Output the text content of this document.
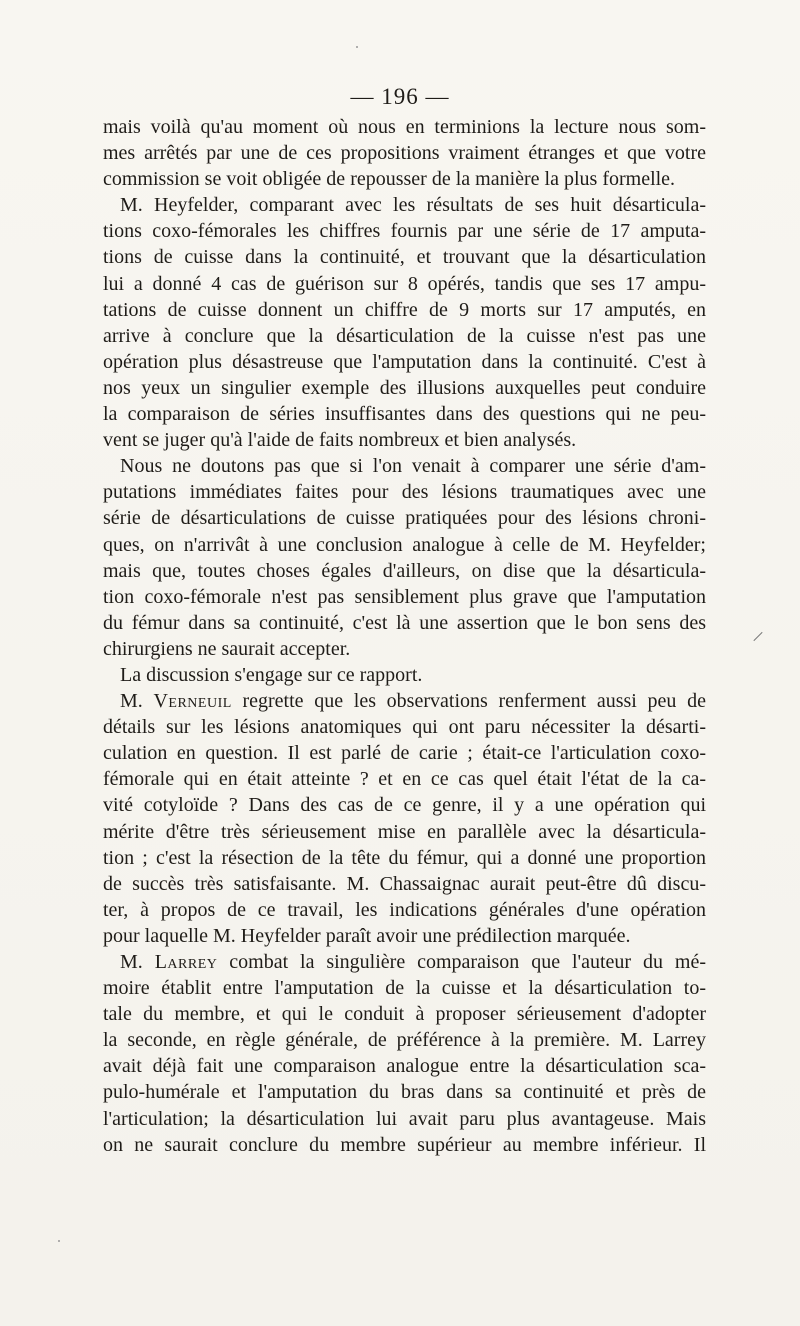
— 196 —
mais voilà qu'au moment où nous en terminions la lecture nous som-
mes arrêtés par une de ces propositions vraiment étranges et que votre
commission se voit obligée de repousser de la manière la plus formelle.
M. Heyfelder, comparant avec les résultats de ses huit désarticula-
tions coxo-fémorales les chiffres fournis par une série de 17 amputa-
tions de cuisse dans la continuité, et trouvant que la désarticulation
lui a donné 4 cas de guérison sur 8 opérés, tandis que ses 17 ampu-
tations de cuisse donnent un chiffre de 9 morts sur 17 amputés, en
arrive à conclure que la désarticulation de la cuisse n'est pas une
opération plus désastreuse que l'amputation dans la continuité. C'est à
nos yeux un singulier exemple des illusions auxquelles peut conduire
la comparaison de séries insuffisantes dans des questions qui ne peu-
vent se juger qu'à l'aide de faits nombreux et bien analysés.
Nous ne doutons pas que si l'on venait à comparer une série d'am-
putations immédiates faites pour des lésions traumatiques avec une
série de désarticulations de cuisse pratiquées pour des lésions chroni-
ques, on n'arrivât à une conclusion analogue à celle de M. Heyfelder;
mais que, toutes choses égales d'ailleurs, on dise que la désarticula-
tion coxo-fémorale n'est pas sensiblement plus grave que l'amputation
du fémur dans sa continuité, c'est là une assertion que le bon sens des
chirurgiens ne saurait accepter.
La discussion s'engage sur ce rapport.
M. Verneuil regrette que les observations renferment aussi peu de
détails sur les lésions anatomiques qui ont paru nécessiter la désarti-
culation en question. Il est parlé de carie ; était-ce l'articulation coxo-
fémorale qui en était atteinte ? et en ce cas quel était l'état de la ca-
vité cotyloïde ? Dans des cas de ce genre, il y a une opération qui
mérite d'être très sérieusement mise en parallèle avec la désarticula-
tion ; c'est la résection de la tête du fémur, qui a donné une proportion
de succès très satisfaisante. M. Chassaignac aurait peut-être dû discu-
ter, à propos de ce travail, les indications générales d'une opération
pour laquelle M. Heyfelder paraît avoir une prédilection marquée.
M. Larrey combat la singulière comparaison que l'auteur du mé-
moire établit entre l'amputation de la cuisse et la désarticulation to-
tale du membre, et qui le conduit à proposer sérieusement d'adopter
la seconde, en règle générale, de préférence à la première. M. Larrey
avait déjà fait une comparaison analogue entre la désarticulation sca-
pulo-humérale et l'amputation du bras dans sa continuité et près de
l'articulation; la désarticulation lui avait paru plus avantageuse. Mais
on ne saurait conclure du membre supérieur au membre inférieur. Il
